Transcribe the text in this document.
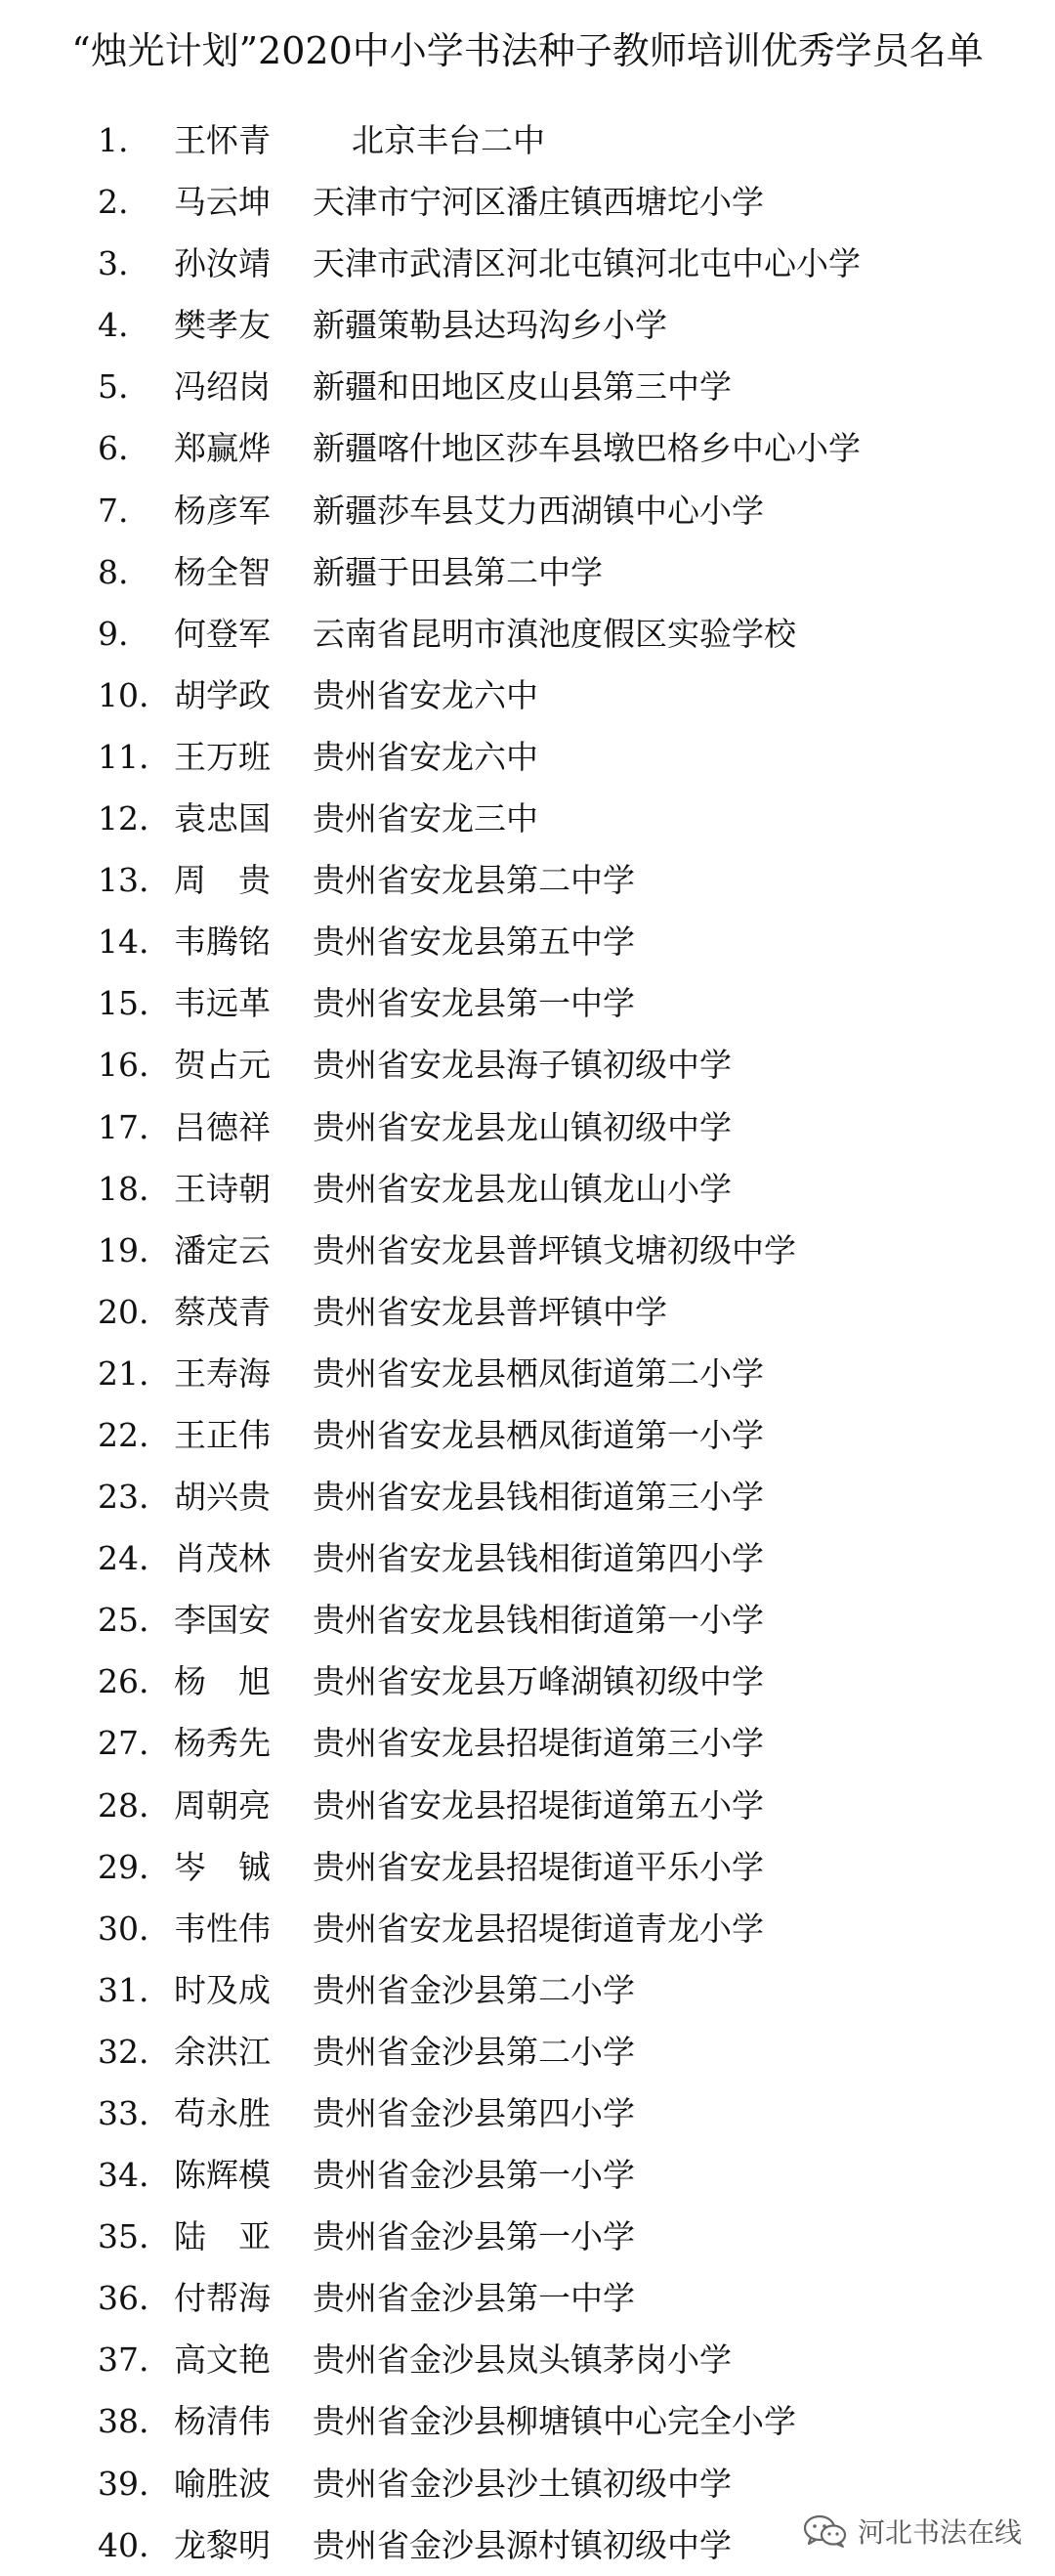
“烛光计划”2020中小学书法种子教师培训优秀学员名单
1.	王怀青	北京丰台二中
2.	马云坤	天津市宁河区潘庄镇西塘坨小学
3.	孙汝靖	天津市武清区河北屯镇河北屯中心小学
4.	樊孝友	新疆策勒县达玛沟乡小学
5.	冯绍岗	新疆和田地区皮山县第三中学
6.	郑赢烨	新疆喀什地区莎车县墩巴格乡中心小学
7.	杨彦军	新疆莎车县艾力西湖镇中心小学
8.	杨全智	新疆于田县第二中学
9.	何登军	云南省昆明市滇池度假区实验学校
10. 胡学政	贵州省安龙六中
11. 王万班	贵州省安龙六中
12. 袁忠国	贵州省安龙三中
13. 周　贵	贵州省安龙县第二中学
14. 韦腾铭	贵州省安龙县第五中学
15. 韦远革	贵州省安龙县第一中学
16. 贺占元	贵州省安龙县海子镇初级中学
17. 吕德祥	贵州省安龙县龙山镇初级中学
18. 王诗朝	贵州省安龙县龙山镇龙山小学
19. 潘定云	贵州省安龙县普坪镇戈塘初级中学
20. 蔡茂青	贵州省安龙县普坪镇中学
21. 王寿海	贵州省安龙县栖凤街道第二小学
22. 王正伟	贵州省安龙县栖凤街道第一小学
23. 胡兴贵	贵州省安龙县钱相街道第三小学
24. 肖茂林	贵州省安龙县钱相街道第四小学
25. 李国安	贵州省安龙县钱相街道第一小学
26. 杨　旭	贵州省安龙县万峰湖镇初级中学
27. 杨秀先	贵州省安龙县招堤街道第三小学
28. 周朝亮	贵州省安龙县招堤街道第五小学
29. 岑　铖	贵州省安龙县招堤街道平乐小学
30. 韦性伟	贵州省安龙县招堤街道青龙小学
31. 时及成	贵州省金沙县第二小学
32. 余洪江	贵州省金沙县第二小学
33. 苟永胜	贵州省金沙县第四小学
34. 陈辉模	贵州省金沙县第一小学
35. 陆　亚	贵州省金沙县第一小学
36. 付帮海	贵州省金沙县第一中学
37. 高文艳	贵州省金沙县岚头镇茅岗小学
38. 杨清伟	贵州省金沙县柳塘镇中心完全小学
39. 喻胜波	贵州省金沙县沙土镇初级中学
40. 龙黎明	贵州省金沙县源村镇初级中学	河北书法在线
